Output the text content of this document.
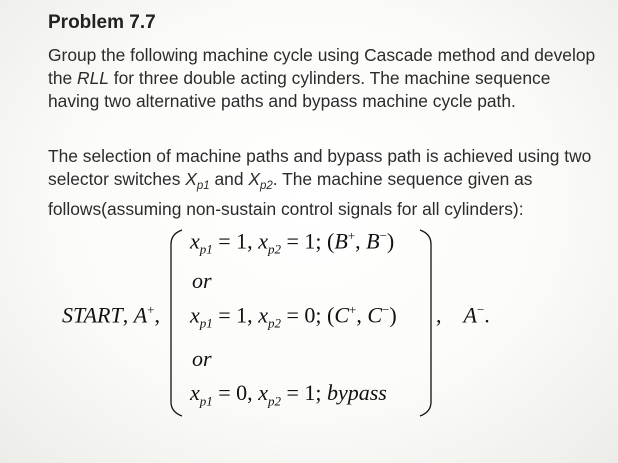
Problem 7.7
Group the following machine cycle using Cascade method and develop the RLL for three double acting cylinders. The machine sequence having two alternative paths and bypass machine cycle path.
The selection of machine paths and bypass path is achieved using two selector switches $X_{p1}$ and $X_{p2}$. The machine sequence given as follows(assuming non-sustain control signals for all cylinders):
START, A+,
$x_{p1} = 1$, $x_{p2} = 1$; (B+, B−)
or
$x_{p1} = 1$, $x_{p2} = 0$; (C+, C−)
or
$x_{p1} = 0$, $x_{p2} = 1$; bypass
,    A−.
